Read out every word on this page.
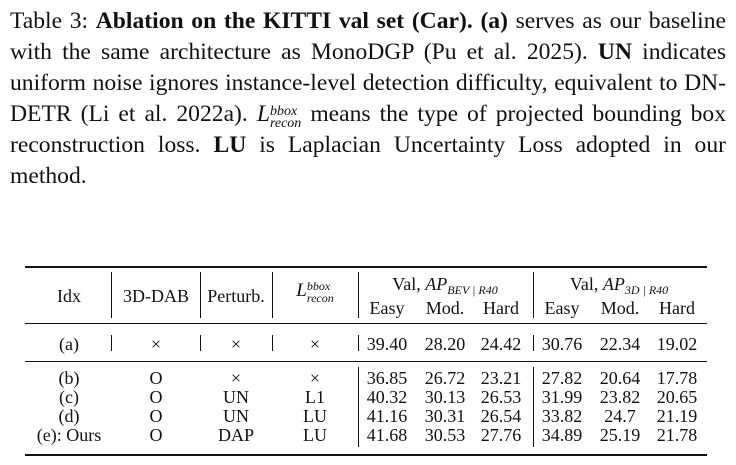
Table 3: Ablation on the KITTI val set (Car). (a) serves as our baseline with the same architecture as MonoDGP (Pu et al. 2025). UN indicates uniform noise ignores instance-level detection difficulty, equivalent to DN-DETR (Li et al. 2022a). L bbox
recon means the type of projected bounding box reconstruction loss. LU is Laplacian Uncertainty Loss adopted in our method.
Idx 3D-DAB Perturb. L bbox
recon
Val, $AP_{BEV | R40}$	Val, $AP_{3D | R40}$
Easy Mod. Hard Easy Mod. Hard
(a)	×	×	×	39.40 28.20 24.42 30.76 22.34 19.02
(b)	O	×	×	36.85 26.72 23.21 27.82 20.64 17.78
(c)	O	UN	L1 40.32 30.13 26.53 31.99 23.82 20.65
(d)	O	UN	LU 41.16 30.31 26.54 33.82 24.7 21.19
(e): Ours	O	DAP	LU 41.68 30.53 27.76 34.89 25.19 21.78
